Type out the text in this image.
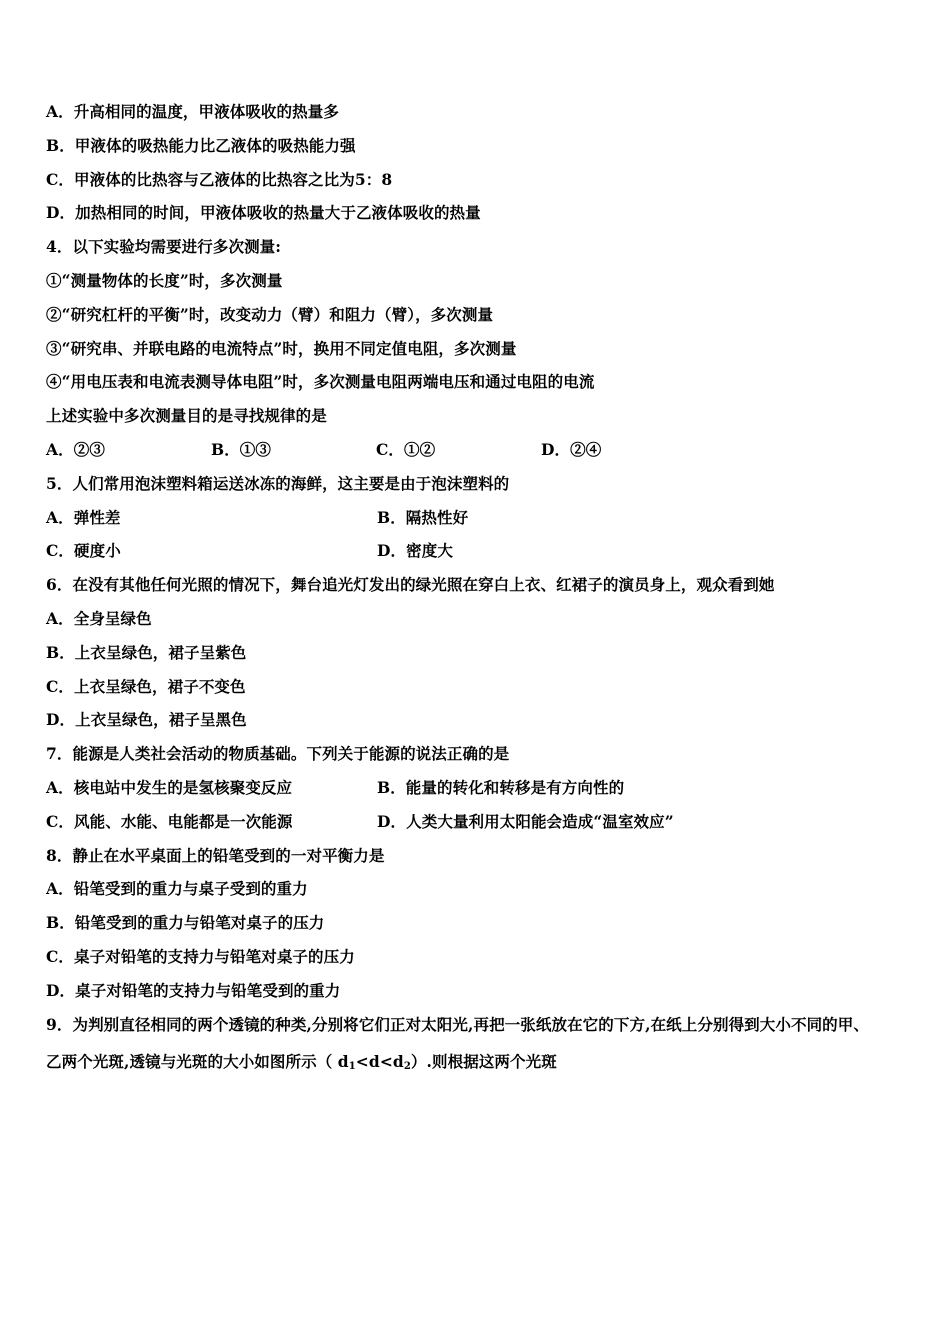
A．升高相同的温度，甲液体吸收的热量多
B．甲液体的吸热能力比乙液体的吸热能力强
C．甲液体的比热容与乙液体的比热容之比为5：8
D．加热相同的时间，甲液体吸收的热量大于乙液体吸收的热量
4．以下实验均需要进行多次测量:
①“测量物体的长度”时，多次测量
②“研究杠杆的平衡”时，改变动力（臂）和阻力（臂），多次测量
③“研究串、并联电路的电流特点”时，换用不同定值电阻，多次测量
④“用电压表和电流表测导体电阻”时，多次测量电阻两端电压和通过电阻的电流
上述实验中多次测量目的是寻找规律的是
A．②③	B．①③	C．①②	D．②④
5．人们常用泡沫塑料箱运送冰冻的海鲜，这主要是由于泡沫塑料的
A．弹性差	B．隔热性好
C．硬度小	D．密度大
6．在没有其他任何光照的情况下，舞台追光灯发出的绿光照在穿白上衣、红裙子的演员身上，观众看到她
A．全身呈绿色
B．上衣呈绿色，裙子呈紫色
C．上衣呈绿色，裙子不变色
D．上衣呈绿色，裙子呈黑色
7．能源是人类社会活动的物质基础。下列关于能源的说法正确的是
A．核电站中发生的是氢核聚变反应	B．能量的转化和转移是有方向性的
C．风能、水能、电能都是一次能源	D．人类大量利用太阳能会造成“温室效应”
8．静止在水平桌面上的铅笔受到的一对平衡力是
A．铅笔受到的重力与桌子受到的重力
B．铅笔受到的重力与铅笔对桌子的压力
C．桌子对铅笔的支持力与铅笔对桌子的压力
D．桌子对铅笔的支持力与铅笔受到的重力
9．为判别直径相同的两个透镜的种类,分别将它们正对太阳光,再把一张纸放在它的下方,在纸上分别得到大小不同的甲、
乙两个光斑,透镜与光斑的大小如图所示（ $d_1<d<d_2$）.则根据这两个光斑
